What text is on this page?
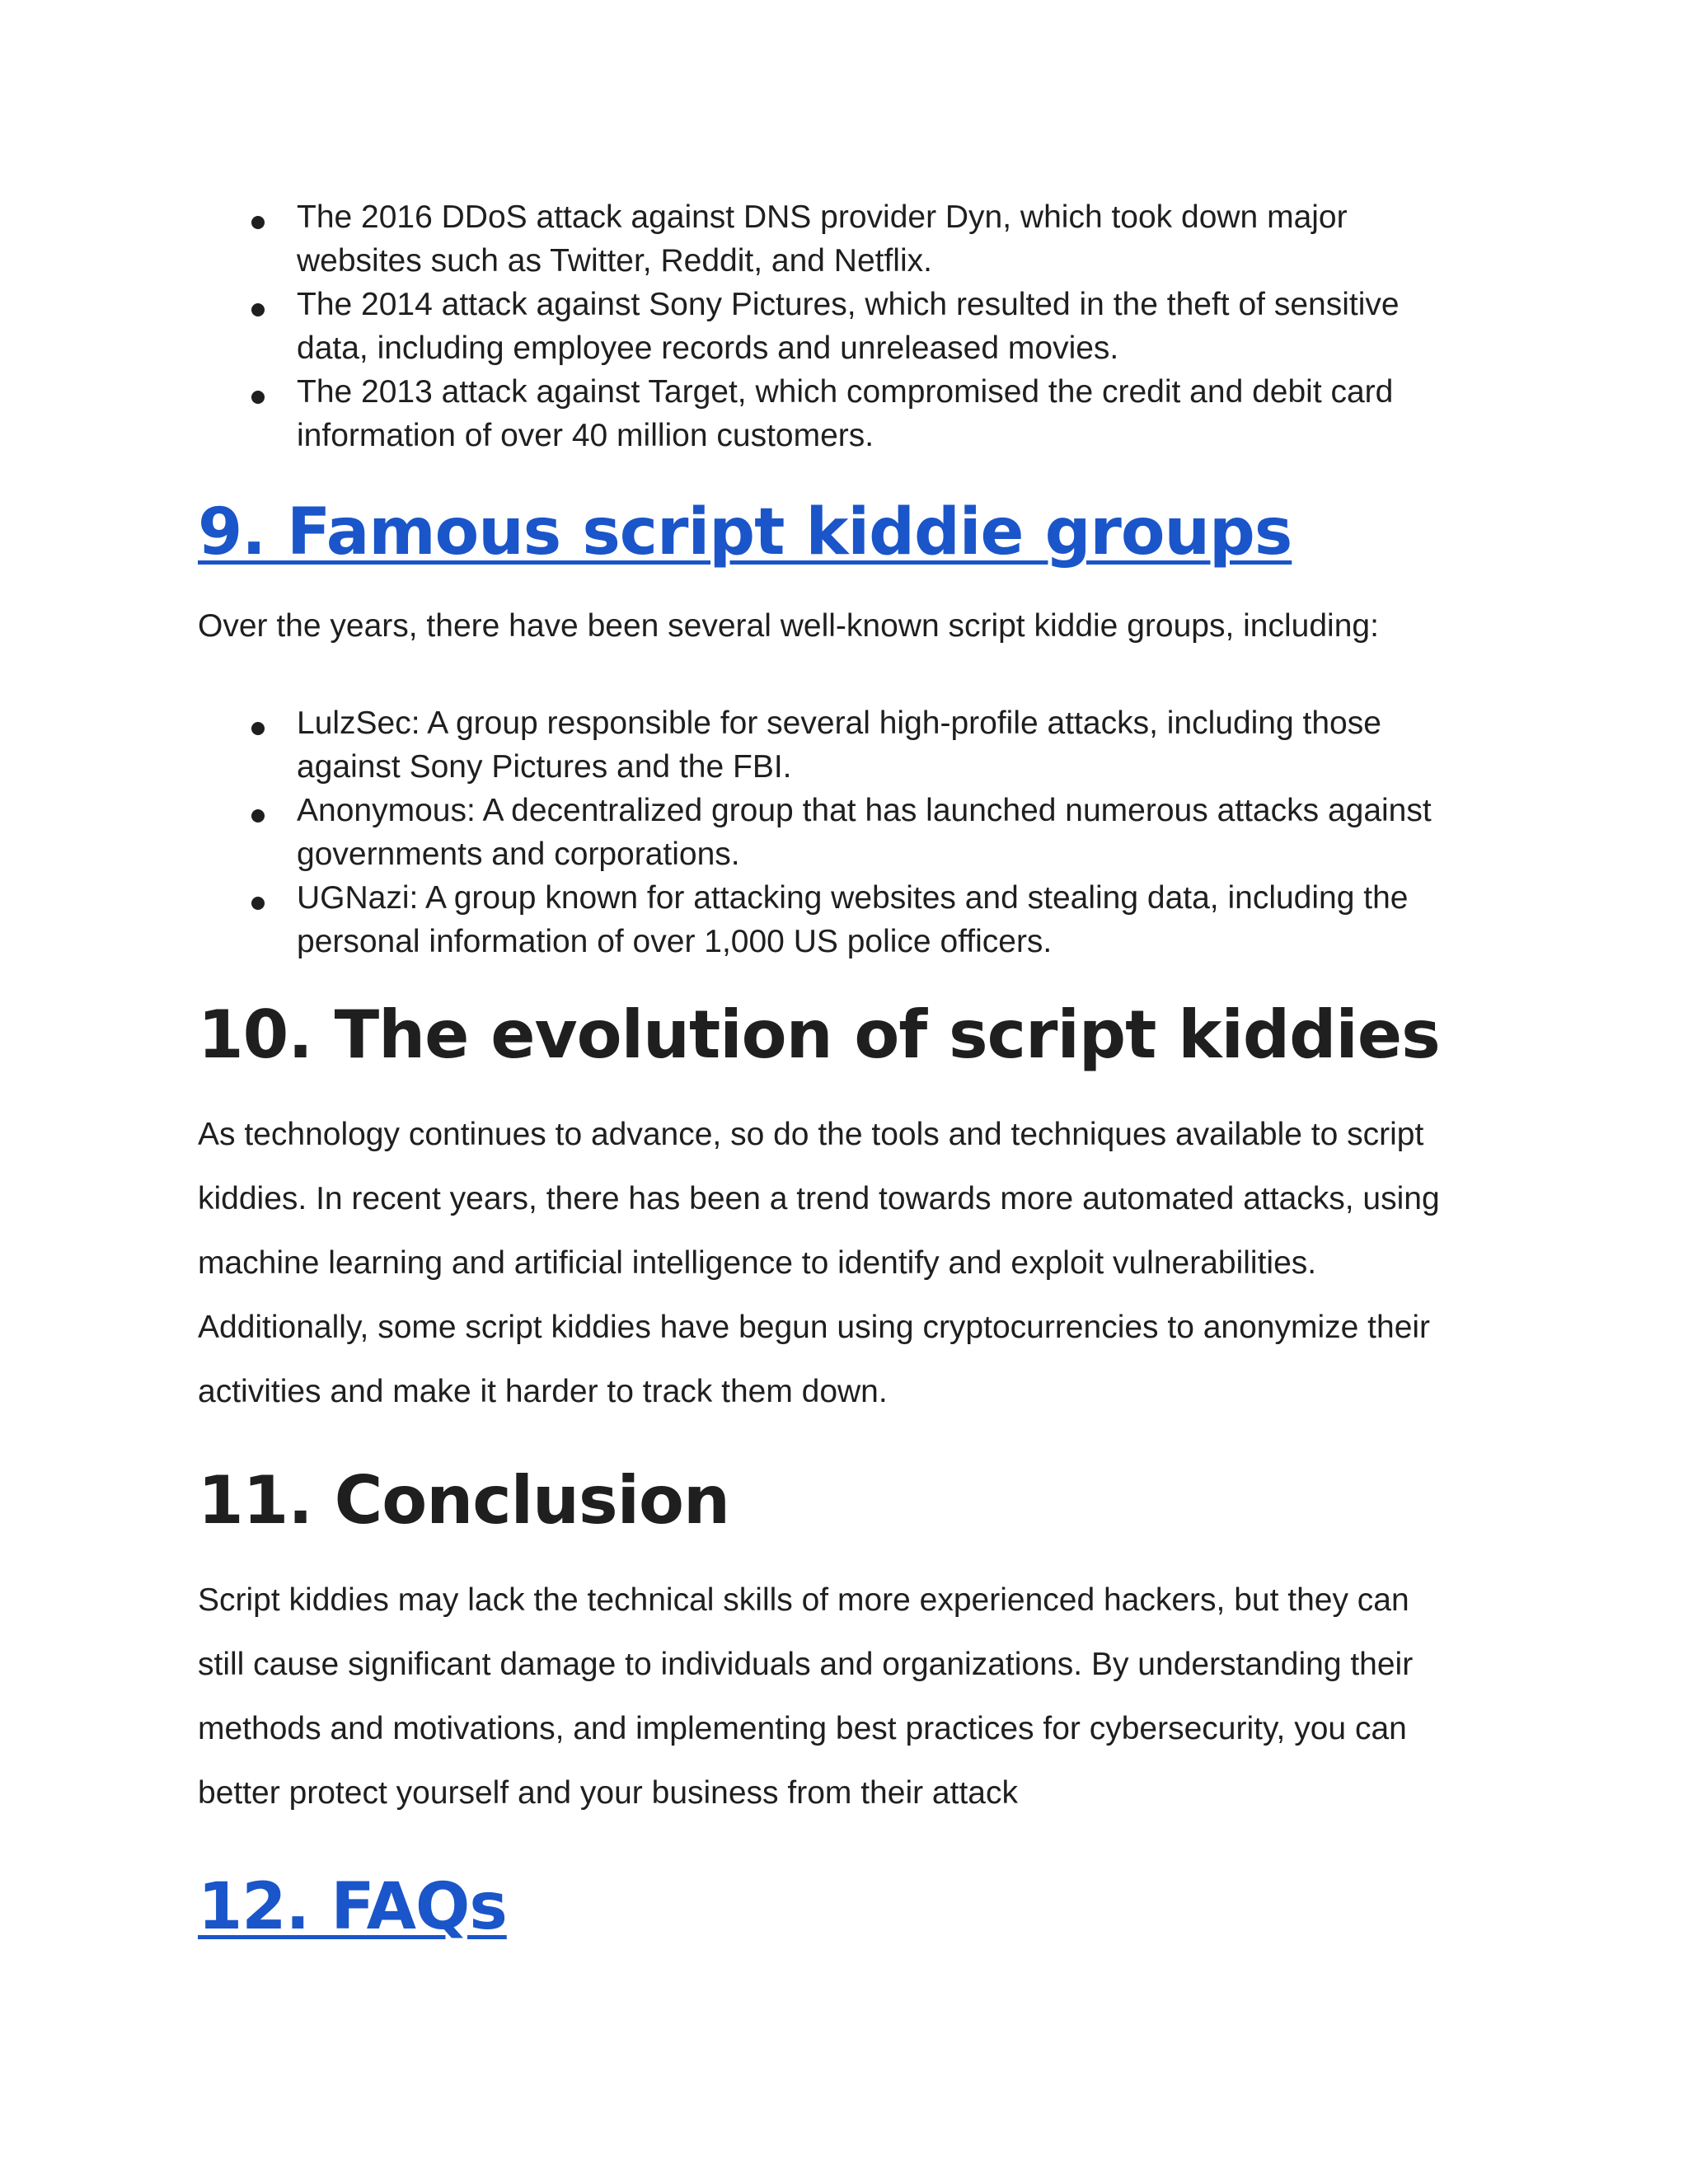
The 2016 DDoS attack against DNS provider Dyn, which took down major
websites such as Twitter, Reddit, and Netflix.
The 2014 attack against Sony Pictures, which resulted in the theft of sensitive
data, including employee records and unreleased movies.
The 2013 attack against Target, which compromised the credit and debit card
information of over 40 million customers.
9. Famous script kiddie groups

Over the years, there have been several well-known script kiddie groups, including:

LulzSec: A group responsible for several high-profile attacks, including those
against Sony Pictures and the FBI.
Anonymous: A decentralized group that has launched numerous attacks against
governments and corporations.
UGNazi: A group known for attacking websites and stealing data, including the
personal information of over 1,000 US police officers.
10. The evolution of script kiddies

As technology continues to advance, so do the tools and techniques available to script
kiddies. In recent years, there has been a trend towards more automated attacks, using
machine learning and artificial intelligence to identify and exploit vulnerabilities.
Additionally, some script kiddies have begun using cryptocurrencies to anonymize their
activities and make it harder to track them down.

11. Conclusion

Script kiddies may lack the technical skills of more experienced hackers, but they can
still cause significant damage to individuals and organizations. By understanding their
methods and motivations, and implementing best practices for cybersecurity, you can
better protect yourself and your business from their attack

12. FAQs
